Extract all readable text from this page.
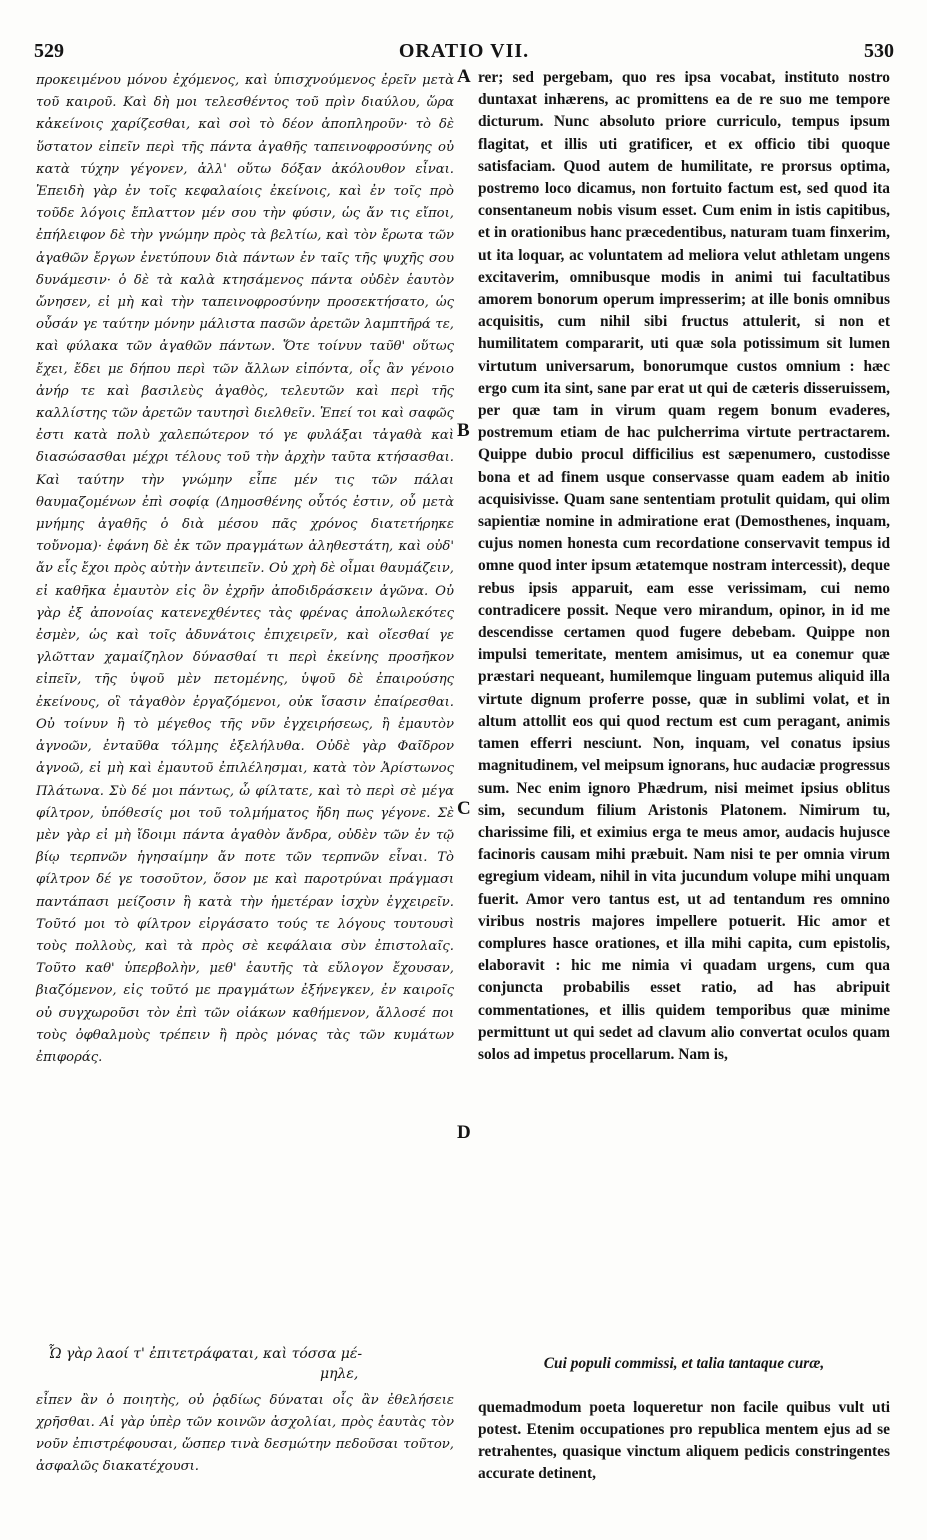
529	ORATIO VII.	530

προκειμένου μόνου ἐχόμενος, καὶ ὑπισχνούμενος ἐρεῖν μετὰ τοῦ καιροῦ. Καὶ δὴ μοι τελεσθέντος τοῦ πρὶν διαύλου, ὥρα κἀκείνοις χαρίζεσθαι, καὶ σοὶ τὸ δέον ἀποπληροῦν· τὸ δὲ ὕστατον εἰπεῖν περὶ τῆς πάντα ἀγαθῆς ταπεινοφροσύνης οὐ κατὰ τύχην γέγονεν, ἀλλ' οὕτω δόξαν ἀκόλουθον εἶναι. Ἐπειδὴ γὰρ ἐν τοῖς κεφαλαίοις ἐκείνοις, καὶ ἐν τοῖς πρὸ τοῦδε λόγοις ἔπλαττον μέν σου τὴν φύσιν, ὡς ἄν τις εἴποι, ἐπήλειφον δὲ τὴν γνώμην πρὸς τὰ βελτίω, καὶ τὸν ἔρωτα τῶν ἀγαθῶν ἔργων ἐνετύπουν διὰ πάντων ἐν ταῖς τῆς ψυχῆς σου δυνάμεσιν· ὁ δὲ τὰ καλὰ κτησάμενος πάντα οὐδὲν ἑαυτὸν ὤνησεν, εἰ μὴ καὶ τὴν ταπεινοφροσύνην προσεκτήσατο, ὡς οὖσάν γε ταύτην μόνην μάλιστα πασῶν ἀρετῶν λαμπτῆρά τε, καὶ φύλακα τῶν ἀγαθῶν πάντων. Ὅτε τοίνυν ταῦθ' οὕτως ἔχει, ἔδει με δήπου περὶ τῶν ἄλλων εἰπόντα, οἷς ἂν γένοιο ἀνήρ τε καὶ βασιλεὺς ἀγαθὸς, τελευτῶν καὶ περὶ τῆς καλλίστης τῶν ἀρετῶν ταυτησὶ διελθεῖν. Ἐπεί τοι καὶ σαφῶς ἐστι κατὰ πολὺ χαλεπώτερον τό γε φυλάξαι τἀγαθὰ καὶ διασώσασθαι μέχρι τέλους τοῦ τὴν ἀρχὴν ταῦτα κτήσασθαι. Καὶ ταύτην τὴν γνώμην εἶπε μέν τις τῶν πάλαι θαυμαζομένων ἐπὶ σοφίᾳ (Δημοσθένης οὗτός ἐστιν, οὗ μετὰ μνήμης ἀγαθῆς ὁ διὰ μέσου πᾶς χρόνος διατετήρηκε τοὔνομα)· ἐφάνη δὲ ἐκ τῶν πραγμάτων ἀληθεστάτη, καὶ οὐδ' ἄν εἷς ἔχοι πρὸς αὐτὴν ἀντειπεῖν. Οὐ χρὴ δὲ οἶμαι θαυμάζειν, εἰ καθῆκα ἐμαυτὸν εἰς ὃν ἐχρῆν ἀποδιδράσκειν ἀγῶνα. Οὐ γὰρ ἐξ ἀπονοίας κατενεχθέντες τὰς φρένας ἀπολωλεκότες ἐσμὲν, ὡς καὶ τοῖς ἀδυνάτοις ἐπιχειρεῖν, καὶ οἴεσθαί γε γλῶτταν χαμαίζηλον δύνασθαί τι περὶ ἐκείνης προσῆκον εἰπεῖν, τῆς ὑψοῦ μὲν πετομένης, ὑψοῦ δὲ ἐπαιρούσης ἐκείνους, οἳ τἀγαθὸν ἐργαζόμενοι, οὐκ ἴσασιν ἐπαίρεσθαι. Οὐ τοίνυν ἢ τὸ μέγεθος τῆς νῦν ἐγχειρήσεως, ἢ ἐμαυτὸν ἀγνοῶν, ἐνταῦθα τόλμης ἐξελήλυθα. Οὐδὲ γὰρ Φαῖδρον ἀγνοῶ, εἰ μὴ καὶ ἐμαυτοῦ ἐπιλέλησμαι, κατὰ τὸν Ἀρίστωνος Πλάτωνα. Σὺ δέ μοι πάντως, ὦ φίλτατε, καὶ τὸ περὶ σὲ μέγα φίλτρον, ὑπόθεσίς μοι τοῦ τολμήματος ἤδη πως γέγονε. Σὲ μὲν γὰρ εἰ μὴ ἴδοιμι πάντα ἀγαθὸν ἄνδρα, οὐδὲν τῶν ἐν τῷ βίῳ τερπνῶν ἡγησαίμην ἄν ποτε τῶν τερπνῶν εἶναι. Τὸ φίλτρον δέ γε τοσοῦτον, ὅσον με καὶ παροτρύναι πράγμασι παντάπασι μείζοσιν ἢ κατὰ τὴν ἡμετέραν ἰσχὺν ἐγχειρεῖν. Τοῦτό μοι τὸ φίλτρον εἰργάσατο τούς τε λόγους τουτουσὶ τοὺς πολλοὺς, καὶ τὰ πρὸς σὲ κεφάλαια σὺν ἐπιστολαῖς. Τοῦτο καθ' ὑπερβολὴν, μεθ' ἑαυτῆς τὰ εὔλογον ἔχουσαν, βιαζόμενον, εἰς τοῦτό με πραγμάτων ἐξήνεγκεν, ἐν καιροῖς οὐ συγχωροῦσι τὸν ἐπὶ τῶν οἰάκων καθήμενον, ἄλλοσέ ποι τοὺς ὀφθαλμοὺς τρέπειν ἢ πρὸς μόνας τὰς τῶν κυμάτων ἐπιφοράς.

A
B
C
D

rer; sed pergebam, quo res ipsa vocabat, instituto nostro duntaxat inhærens, ac promittens ea de re suo me tempore dicturum. Nunc absoluto priore curriculo, tempus ipsum flagitat, et illis uti gratificer, et ex officio tibi quoque satisfaciam. Quod autem de humilitate, re prorsus optima, postremo loco dicamus, non fortuito factum est, sed quod ita consentaneum nobis visum esset. Cum enim in istis capitibus, et in orationibus hanc præcedentibus, naturam tuam finxerim, ut ita loquar, ac voluntatem ad meliora velut athletam ungens excitaverim, omnibusque modis in animi tui facultatibus amorem bonorum operum impresserim; at ille bonis omnibus acquisitis, cum nihil sibi fructus attulerit, si non et humilitatem compararit, uti quæ sola potissimum sit lumen virtutum universarum, bonorumque custos omnium : hæc ergo cum ita sint, sane par erat ut qui de cæteris disseruissem, per quæ tam in virum quam regem bonum evaderes, postremum etiam de hac pulcherrima virtute pertractarem. Quippe dubio procul difficilius est sæpenumero, custodisse bona et ad finem usque conservasse quam eadem ab initio acquisivisse. Quam sane sententiam protulit quidam, qui olim sapientiæ nomine in admiratione erat (Demosthenes, inquam, cujus nomen honesta cum recordatione conservavit tempus id omne quod inter ipsum ætatemque nostram intercessit), deque rebus ipsis apparuit, eam esse verissimam, cui nemo contradicere possit. Neque vero mirandum, opinor, in id me descendisse certamen quod fugere debebam. Quippe non impulsi temeritate, mentem amisimus, ut ea conemur quæ præstari nequeant, humilemque linguam putemus aliquid illa virtute dignum proferre posse, quæ in sublimi volat, et in altum attollit eos qui quod rectum est cum peragant, animis tamen efferri nesciunt. Non, inquam, vel conatus ipsius magnitudinem, vel meipsum ignorans, huc audaciæ progressus sum. Nec enim ignoro Phædrum, nisi meimet ipsius oblitus sim, secundum filium Aristonis Platonem. Nimirum tu, charissime fili, et eximius erga te meus amor, audacis hujusce facinoris causam mihi præbuit. Nam nisi te per omnia virum egregium videam, nihil in vita jucundum volupe mihi unquam fuerit. Amor vero tantus est, ut ad tentandum res omnino viribus nostris majores impellere potuerit. Hic amor et complures hasce orationes, et illa mihi capita, cum epistolis, elaboravit : hic me nimia vi quadam urgens, cum qua conjuncta probabilis esset ratio, ad has abripuit commentationes, et illis quidem temporibus quæ minime permittunt ut qui sedet ad clavum alio convertat oculos quam solos ad impetus procellarum. Nam is,

Ὧ γὰρ λαοί τ' ἐπιτετράφαται, καὶ τόσσα μέ-
μηλε,
εἶπεν ἂν ὁ ποιητὴς, οὐ ῥᾳδίως δύναται οἷς ἂν ἐθελήσειε χρῆσθαι. Αἱ γὰρ ὑπὲρ τῶν κοινῶν ἀσχολίαι, πρὸς ἑαυτὰς τὸν νοῦν ἐπιστρέφουσαι, ὥσπερ τινὰ δεσμώτην πεδοῦσαι τοῦτον, ἀσφαλῶς διακατέχουσι.
Cui populi commissi, et talia tantaque curæ,
quemadmodum poeta loqueretur non facile quibus vult uti potest. Etenim occupationes pro republica mentem ejus ad se retrahentes, quasique vinctum aliquem pedicis constringentes accurate detinent,
